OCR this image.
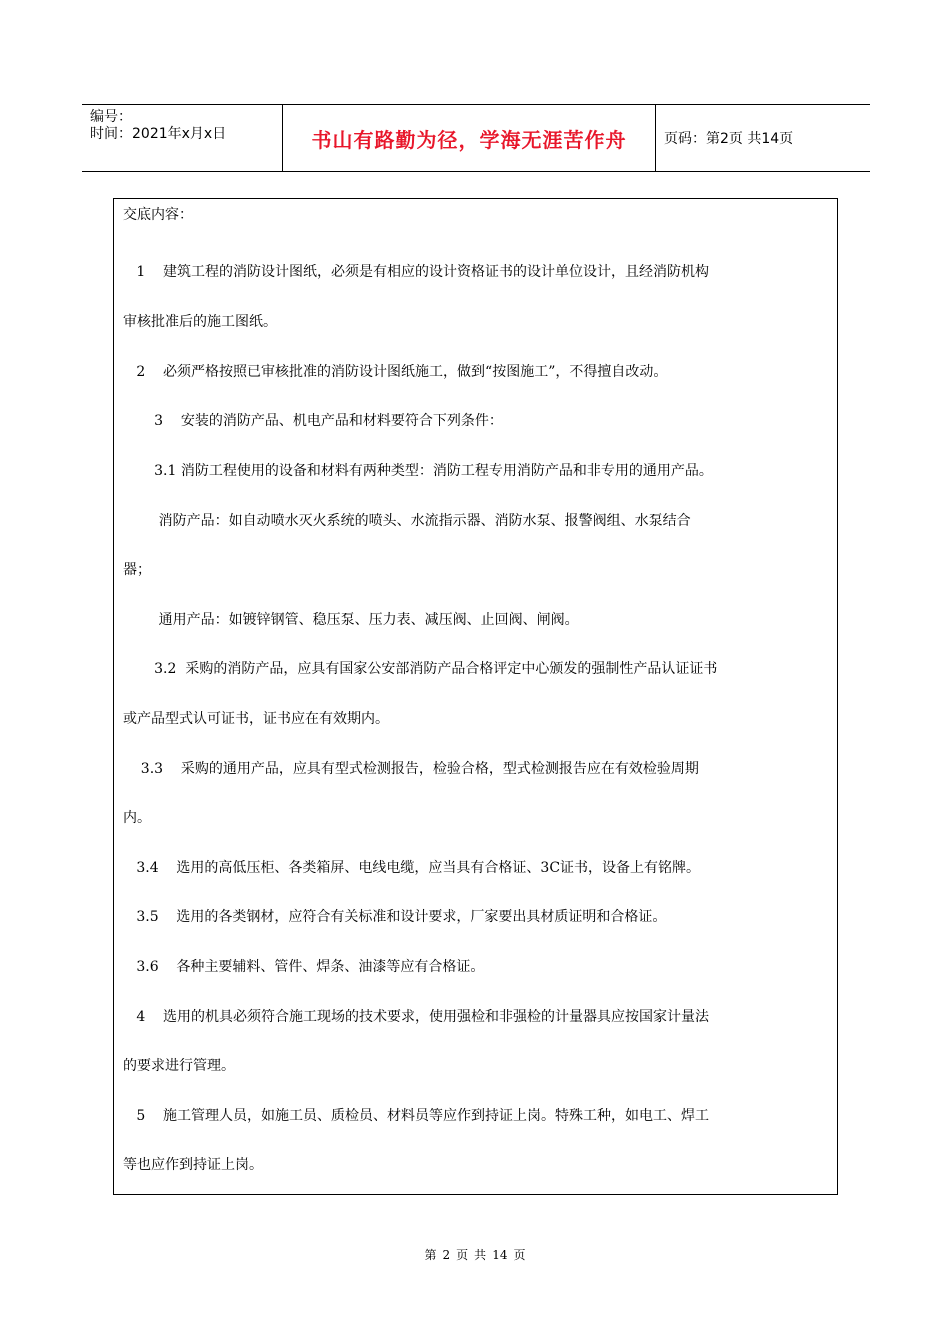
编号：
时间：2021年x月x日	书山有路勤为径，学海无涯苦作舟	页码：第2页 共14页
交底内容：
1    建筑工程的消防设计图纸，必须是有相应的设计资格证书的设计单位设计，且经消防机构
审核批准后的施工图纸。
2    必须严格按照已审核批准的消防设计图纸施工，做到“按图施工”，不得擅自改动。
3    安装的消防产品、机电产品和材料要符合下列条件：
3.1 消防工程使用的设备和材料有两种类型：消防工程专用消防产品和非专用的通用产品。
消防产品：如自动喷水灭火系统的喷头、水流指示器、消防水泵、报警阀组、水泵结合
器；
通用产品：如镀锌钢管、稳压泵、压力表、减压阀、止回阀、闸阀。
3.2  采购的消防产品，应具有国家公安部消防产品合格评定中心颁发的强制性产品认证证书
或产品型式认可证书，证书应在有效期内。
3.3    采购的通用产品，应具有型式检测报告，检验合格，型式检测报告应在有效检验周期
内。
3.4    选用的高低压柜、各类箱屏、电线电缆，应当具有合格证、3C证书，设备上有铭牌。
3.5    选用的各类钢材，应符合有关标准和设计要求，厂家要出具材质证明和合格证。
3.6    各种主要辅料、管件、焊条、油漆等应有合格证。
4    选用的机具必须符合施工现场的技术要求，使用强检和非强检的计量器具应按国家计量法
的要求进行管理。
5    施工管理人员，如施工员、质检员、材料员等应作到持证上岗。特殊工种，如电工、焊工
等也应作到持证上岗。
第 2 页 共 14 页
